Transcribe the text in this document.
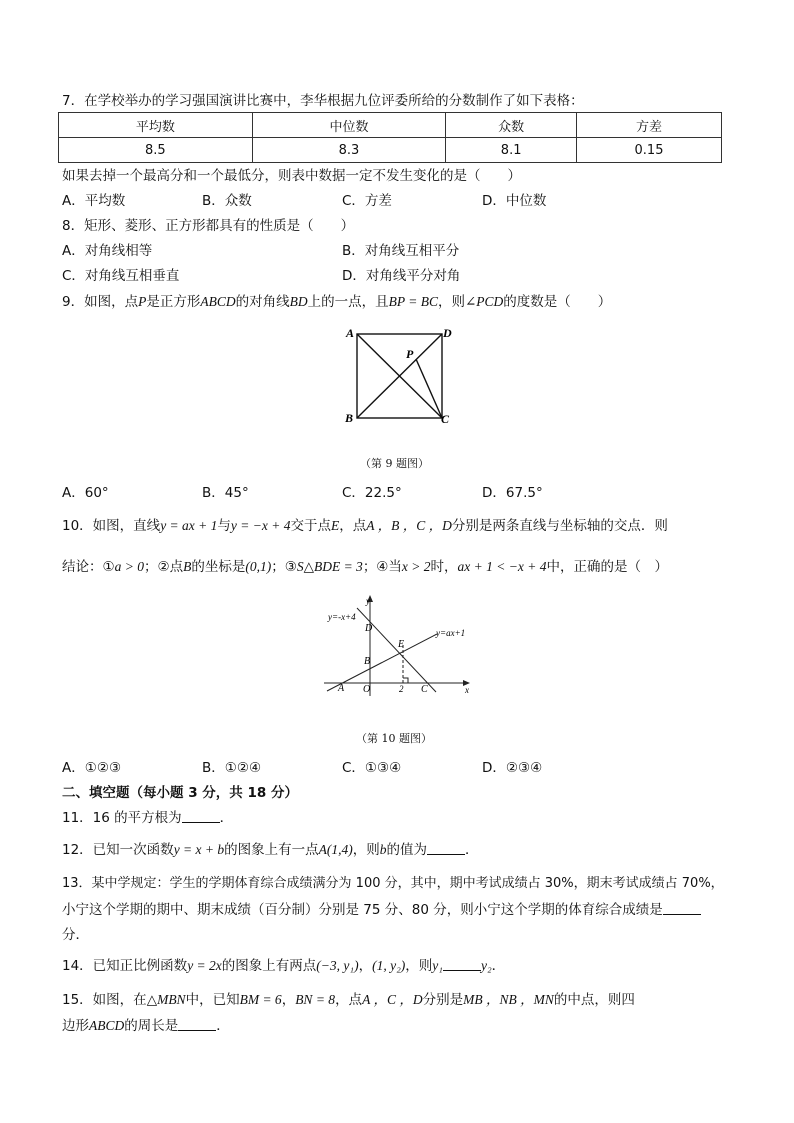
7．在学校举办的学习强国演讲比赛中，李华根据九位评委所给的分数制作了如下表格：
平均数	中位数	众数	方差
8.5	8.3	8.1	0.15
如果去掉一个最高分和一个最低分，则表中数据一定不发生变化的是（　　）
A．平均数	B．众数	C．方差	D．中位数
8．矩形、菱形、正方形都具有的性质是（　　）
A．对角线相等	B．对角线互相平分
C．对角线互相垂直	D．对角线平分对角
9．如图，点P是正方形ABCD的对角线BD上的一点，且BP = BC，则∠PCD的度数是（　　）
A	D
B	C
P
（第 9 题图）
A．60°	B．45°	C．22.5°	D．67.5°
10．如图，直线y = ax + 1与y = −x + 4交于点E，点A ，B ，C ，D分别是两条直线与坐标轴的交点．则
结论：①a > 0；②点B的坐标是(0,1)；③S△BDE = 3；④当x > 2时，ax + 1 < −x + 4中，正确的是（　）
y=-x+4
y=ax+1
y
x
O	2
A
B
C
D
E
（第 10 题图）
A．①②③	B．①②④	C．①③④	D．②③④
二、填空题（每小题 3 分，共 18 分）
11．16 的平方根为	．
12．已知一次函数y = x + b的图象上有一点A(1,4)，则b的值为	．
13．某中学规定：学生的学期体育综合成绩满分为 100 分，其中，期中考试成绩占 30%，期末考试成绩占 70%，
小宁这个学期的期中、期末成绩（百分制）分别是 75 分、80 分，则小宁这个学期的体育综合成绩是
分．
14．已知正比例函数y = 2x的图象上有两点(−3, y₁)，(1, y₂)，则y₁	y₂．
15．如图，在△MBN中，已知BM = 6，BN = 8，点A ，C ，D分别是MB ，NB ，MN的中点，则四
边形ABCD的周长是	．
